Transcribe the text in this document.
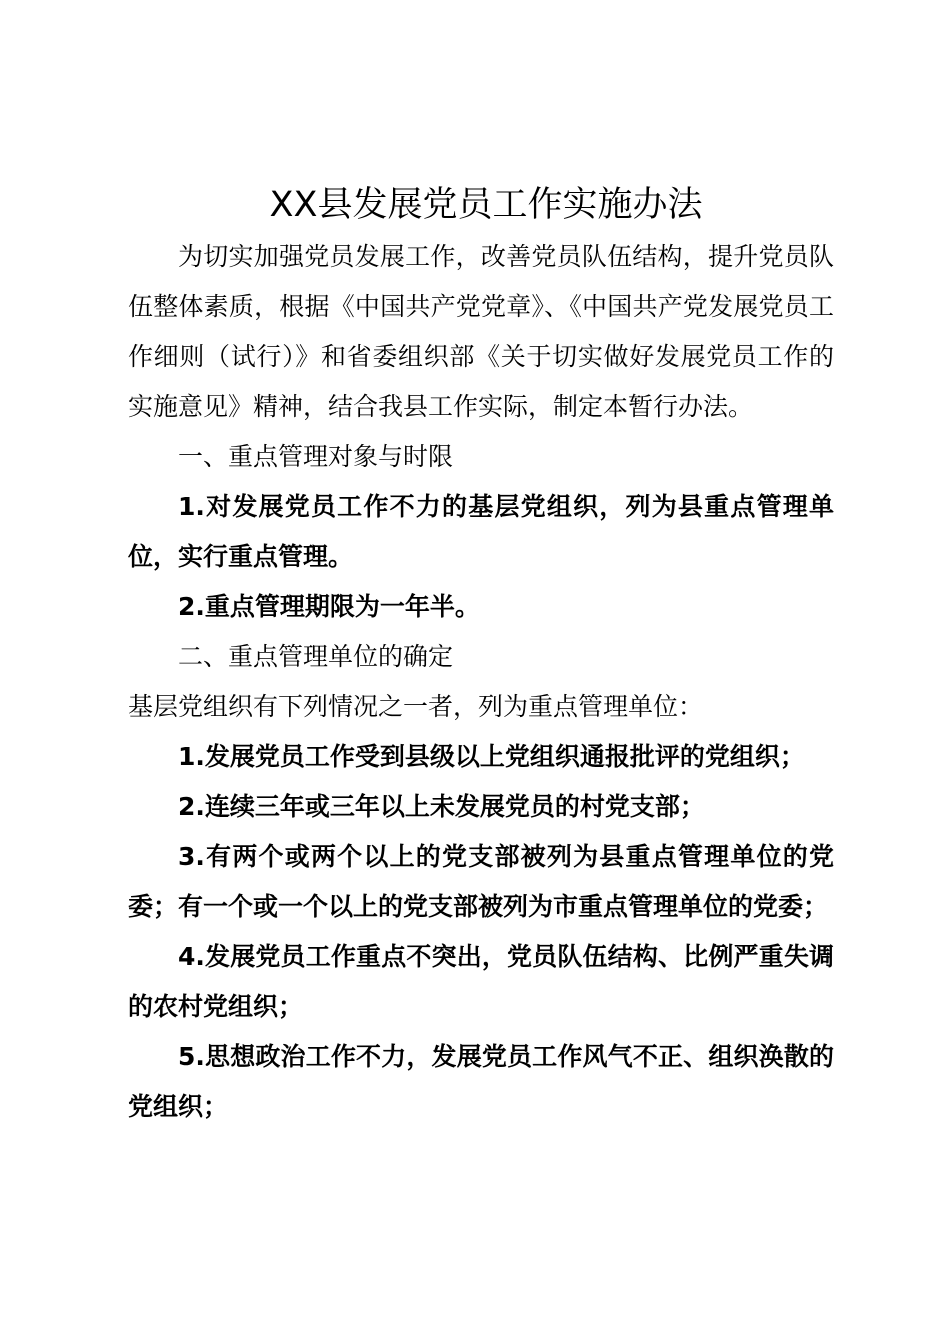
XX县发展党员工作实施办法

为切实加强党员发展工作，改善党员队伍结构，提升党员队伍整体素质，根据《中国共产党党章》、《中国共产党发展党员工作细则（试行）》和省委组织部《关于切实做好发展党员工作的实施意见》精神，结合我县工作实际，制定本暂行办法。

一、重点管理对象与时限

1.对发展党员工作不力的基层党组织，列为县重点管理单位，实行重点管理。

2.重点管理期限为一年半。

二、重点管理单位的确定

基层党组织有下列情况之一者，列为重点管理单位：

1.发展党员工作受到县级以上党组织通报批评的党组织；

2.连续三年或三年以上未发展党员的村党支部；

3.有两个或两个以上的党支部被列为县重点管理单位的党委；有一个或一个以上的党支部被列为市重点管理单位的党委；

4.发展党员工作重点不突出，党员队伍结构、比例严重失调的农村党组织；

5.思想政治工作不力，发展党员工作风气不正、组织涣散的党组织；
